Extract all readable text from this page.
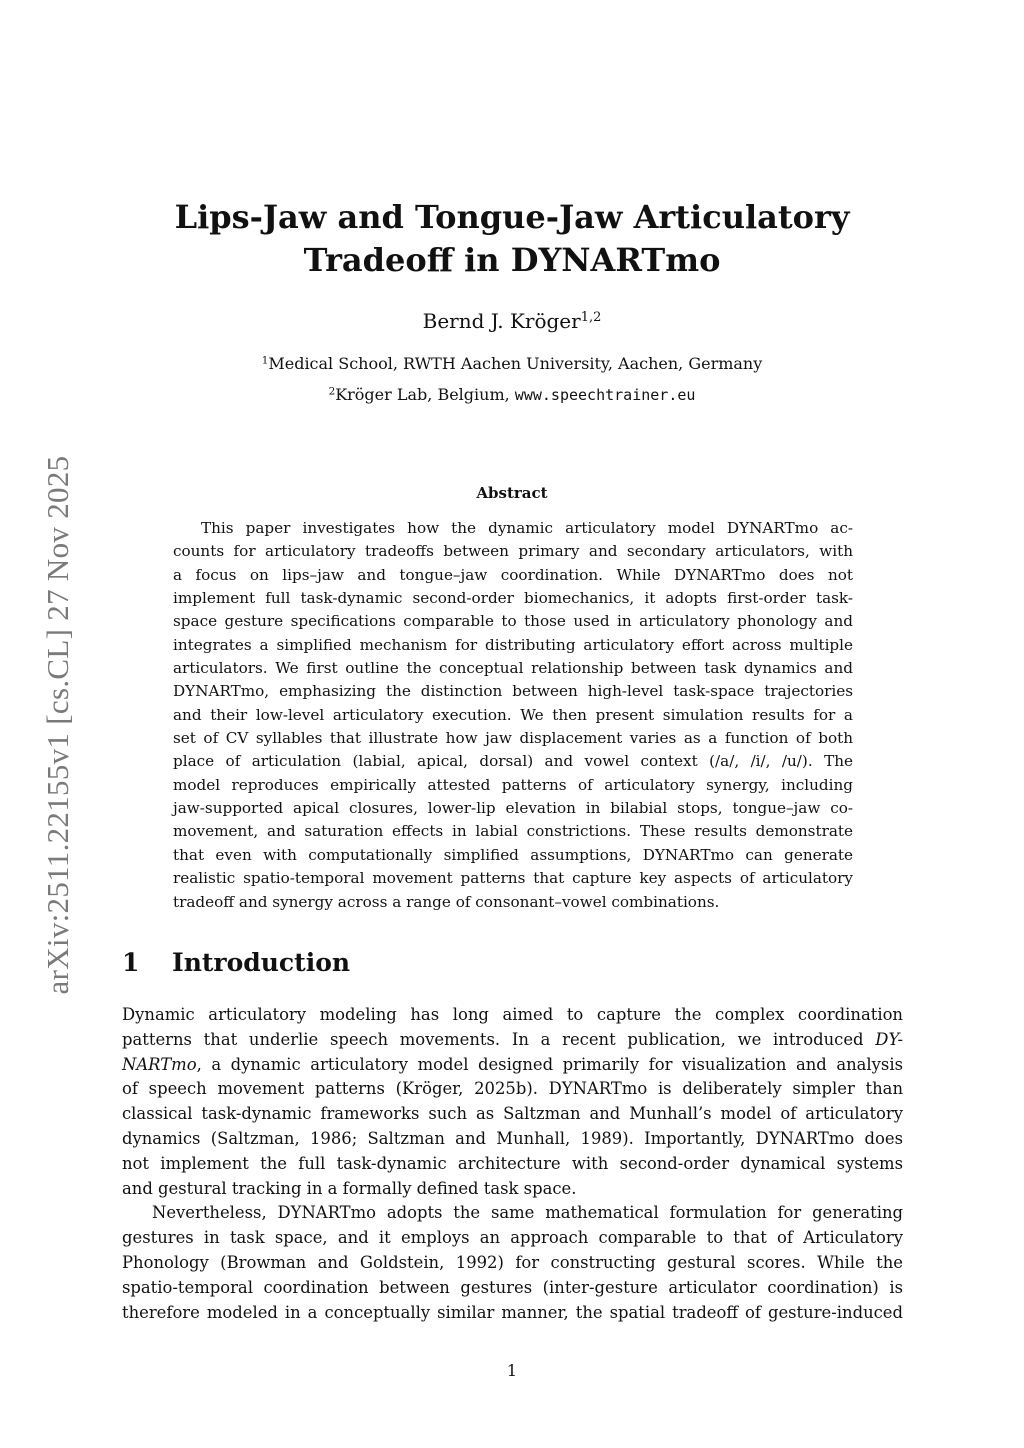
arXiv:2511.22155v1 [cs.CL] 27 Nov 2025
Lips-Jaw and Tongue-Jaw Articulatory
Tradeoff in DYNARTmo
Bernd J. Kröger$^{1,2}$
$^1$Medical School, RWTH Aachen University, Aachen, Germany
$^2$Kröger Lab, Belgium, www.speechtrainer.eu
Abstract
This paper investigates how the dynamic articulatory model DYNARTmo ac-
counts for articulatory tradeoffs between primary and secondary articulators, with
a focus on lips–jaw and tongue–jaw coordination. While DYNARTmo does not
implement full task-dynamic second-order biomechanics, it adopts first-order task-
space gesture specifications comparable to those used in articulatory phonology and
integrates a simplified mechanism for distributing articulatory effort across multiple
articulators. We first outline the conceptual relationship between task dynamics and
DYNARTmo, emphasizing the distinction between high-level task-space trajectories
and their low-level articulatory execution. We then present simulation results for a
set of CV syllables that illustrate how jaw displacement varies as a function of both
place of articulation (labial, apical, dorsal) and vowel context (/a/, /i/, /u/). The
model reproduces empirically attested patterns of articulatory synergy, including
jaw-supported apical closures, lower-lip elevation in bilabial stops, tongue–jaw co-
movement, and saturation effects in labial constrictions. These results demonstrate
that even with computationally simplified assumptions, DYNARTmo can generate
realistic spatio-temporal movement patterns that capture key aspects of articulatory
tradeoff and synergy across a range of consonant–vowel combinations.
1 Introduction
Dynamic articulatory modeling has long aimed to capture the complex coordination
patterns that underlie speech movements. In a recent publication, we introduced DY-
NARTmo, a dynamic articulatory model designed primarily for visualization and analysis
of speech movement patterns (Kröger, 2025b). DYNARTmo is deliberately simpler than
classical task-dynamic frameworks such as Saltzman and Munhall’s model of articulatory
dynamics (Saltzman, 1986; Saltzman and Munhall, 1989). Importantly, DYNARTmo does
not implement the full task-dynamic architecture with second-order dynamical systems
and gestural tracking in a formally defined task space.
Nevertheless, DYNARTmo adopts the same mathematical formulation for generating
gestures in task space, and it employs an approach comparable to that of Articulatory
Phonology (Browman and Goldstein, 1992) for constructing gestural scores. While the
spatio-temporal coordination between gestures (inter-gesture articulator coordination) is
therefore modeled in a conceptually similar manner, the spatial tradeoff of gesture-induced
1
